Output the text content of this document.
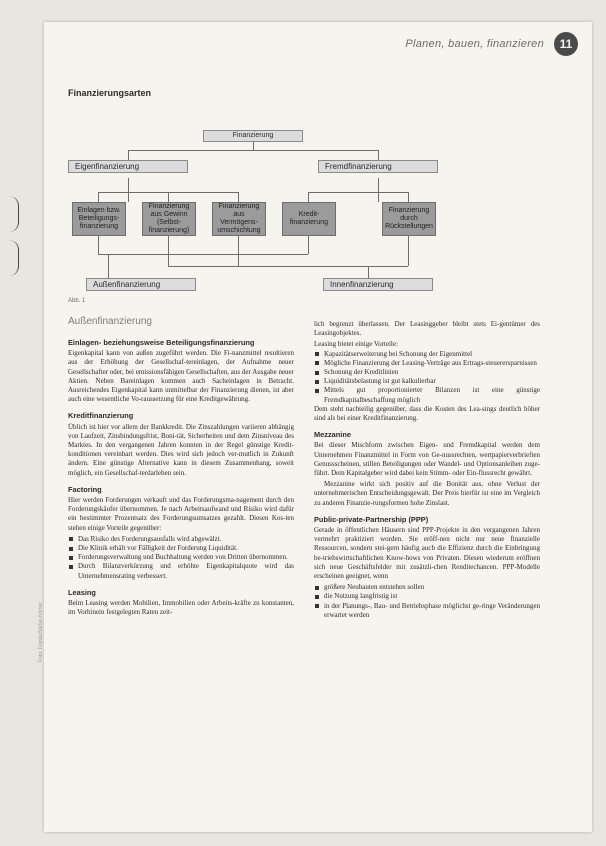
Planen, bauen, finanzieren	11
Finanzierungsarten
Finanzierung
Eigenfinanzierung	Fremdfinanzierung
Einlagen bzw. Beteiligungs-finanzierung
Finanzierung aus Gewinn (Selbst-finanzierung)
Finanzierung aus Vermögens-umschichtung
Kredit-finanzierung
Finanzierung durch Rückstellungen
Außenfinanzierung	Innenfinanzierung
Abb. 1
Außenfinanzierung
Einlagen- beziehungsweise Beteiligungsfinanzierung

Eigenkapital kann von außen zugeführt werden. Die Fi-nanzmittel resultieren aus der Erhöhung der Gesellschaf-tereinlagen, der Aufnahme neuer Gesellschafter oder, bei emissionsfähigen Gesellschaften, aus der Ausgabe neuer Aktien. Neben Bareinlagen kommen auch Sacheinlagen in Betracht. Ausreichendes Eigenkapital kann unmittelbar der Finanzierung dienen, ist aber auch eine wesentliche Vo-raussetzung für eine Kreditgewährung.

Kreditfinanzierung

Üblich ist hier vor allem der Bankkredit. Die Zinszahlungen variieren abhängig von Laufzeit, Zinsbindungsfrist, Boni-tät, Sicherheiten und dem Zinsniveau des Marktes. In den vergangenen Jahren konnten in der Regel günstige Kredit-konditionen vereinbart werden. Dies wird sich jedoch ver-mutlich in Zukunft ändern. Eine günstige Alternative kann in diesem Zusammenhang, soweit möglich, ein Gesellschaf-terdarlehen sein.

Factoring

Hier werden Forderungen verkauft und das Forderungsma-nagement durch den Forderungskäufer übernommen. Je nach Arbeitsaufwand und Risiko wird dafür ein bestimmter Prozentsatz des Forderungsumsatzes gezahlt. Diesen Kos-ten stehen einige Vorteile gegenüber:

Das Risiko des Forderungsausfalls wird abgewälzt.
Die Klinik erhält vor Fälligkeit der Forderung Liquidität.
Forderungsverwaltung und Buchhaltung werden von Dritten übernommen.
Durch Bilanzverkürzung und erhöhte Eigenkapitalquote wird das Unternehmensrating verbessert.
Leasing

Beim Leasing werden Mobilien, Immobilien oder Arbeits-kräfte zu konstanten, im Vorhinein festgelegten Raten zeit-

lich begrenzt überlassen. Der Leasinggeber bleibt stets Ei-gentümer des Leasingobjektes.

Leasing bietet einige Vorteile:

Kapazitätserweiterung bei Schonung der Eigenmittel
Mögliche Finanzierung der Leasing-Verträge aus Ertrags-steuerersparnissen
Schonung der Kreditlinien
Liquiditätsbelastung ist gut kalkulierbar
Mittels gut proportionierter Bilanzen ist eine günstige Fremdkapitalbeschaffung möglich

Dem steht nachteilig gegenüber, dass die Kosten des Lea-sings deutlich höher sind als bei einer Kreditfinanzierung.

Mezzanine

Bei dieser Mischform zwischen Eigen- und Fremdkapital werden dem Unternehmen Finanzmittel in Form von Ge-nussrechten, wertpapierverbrieften Genussscheinen, stillen Beteiligungen oder Wandel- und Optionsanleihen zuge-führt. Dem Kapitalgeber wird dabei kein Stimm- oder Ein-flussrecht gewährt.

Mezzanine wirkt sich positiv auf die Bonität aus, ohne Verlust der unternehmerischen Entscheidungsgewalt. Der Preis hierfür ist eine im Vergleich zu anderen Finanzie-rungsformen hohe Zinslast.

Public-private-Partnership (PPP)

Gerade in öffentlichen Häusern sind PPP-Projekte in den vergangenen Jahren vermehrt praktiziert worden. Sie eröff-nen nicht nur neue finanzielle Ressourcen, sondern stei-gern häufig auch die Effizienz durch die Einbringung be-triebswirtschaftlichen Know-hows von Privaten. Diesen wiederum eröffnen sich neue Geschäftsfelder mit zusätzli-chen Renditechancen. PPP-Modelle erscheinen geeignet, wenn

größere Neubauten entstehen sollen
die Nutzung langfristig ist
in der Planungs-, Bau- und Betriebsphase möglichst ge-ringe Veränderungen erwartet werden
Foto: Fotolia/Stefan Körber
